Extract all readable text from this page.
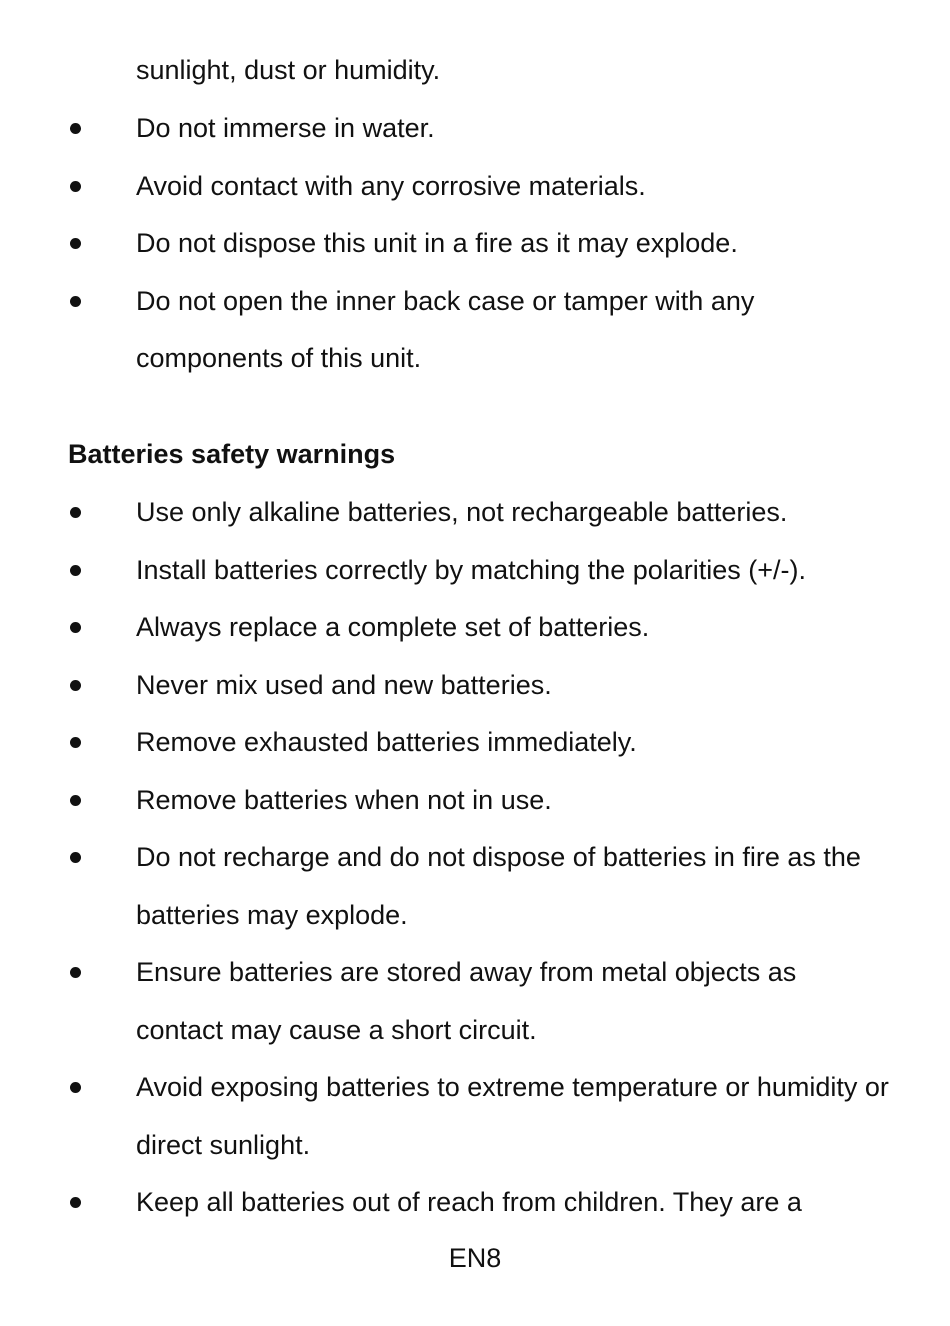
sunlight, dust or humidity.

Do not immerse in water.
Avoid contact with any corrosive materials.
Do not dispose this unit in a fire as it may explode.
Do not open the inner back case or tamper with any components of this unit.
Batteries safety warnings
Use only alkaline batteries, not rechargeable batteries.
Install batteries correctly by matching the polarities (+/-).
Always replace a complete set of batteries.
Never mix used and new batteries.
Remove exhausted batteries immediately.
Remove batteries when not in use.
Do not recharge and do not dispose of batteries in fire as the batteries may explode.
Ensure batteries are stored away from metal objects as contact may cause a short circuit.
Avoid exposing batteries to extreme temperature or humidity or direct sunlight.
Keep all batteries out of reach from children. They are a

EN8
